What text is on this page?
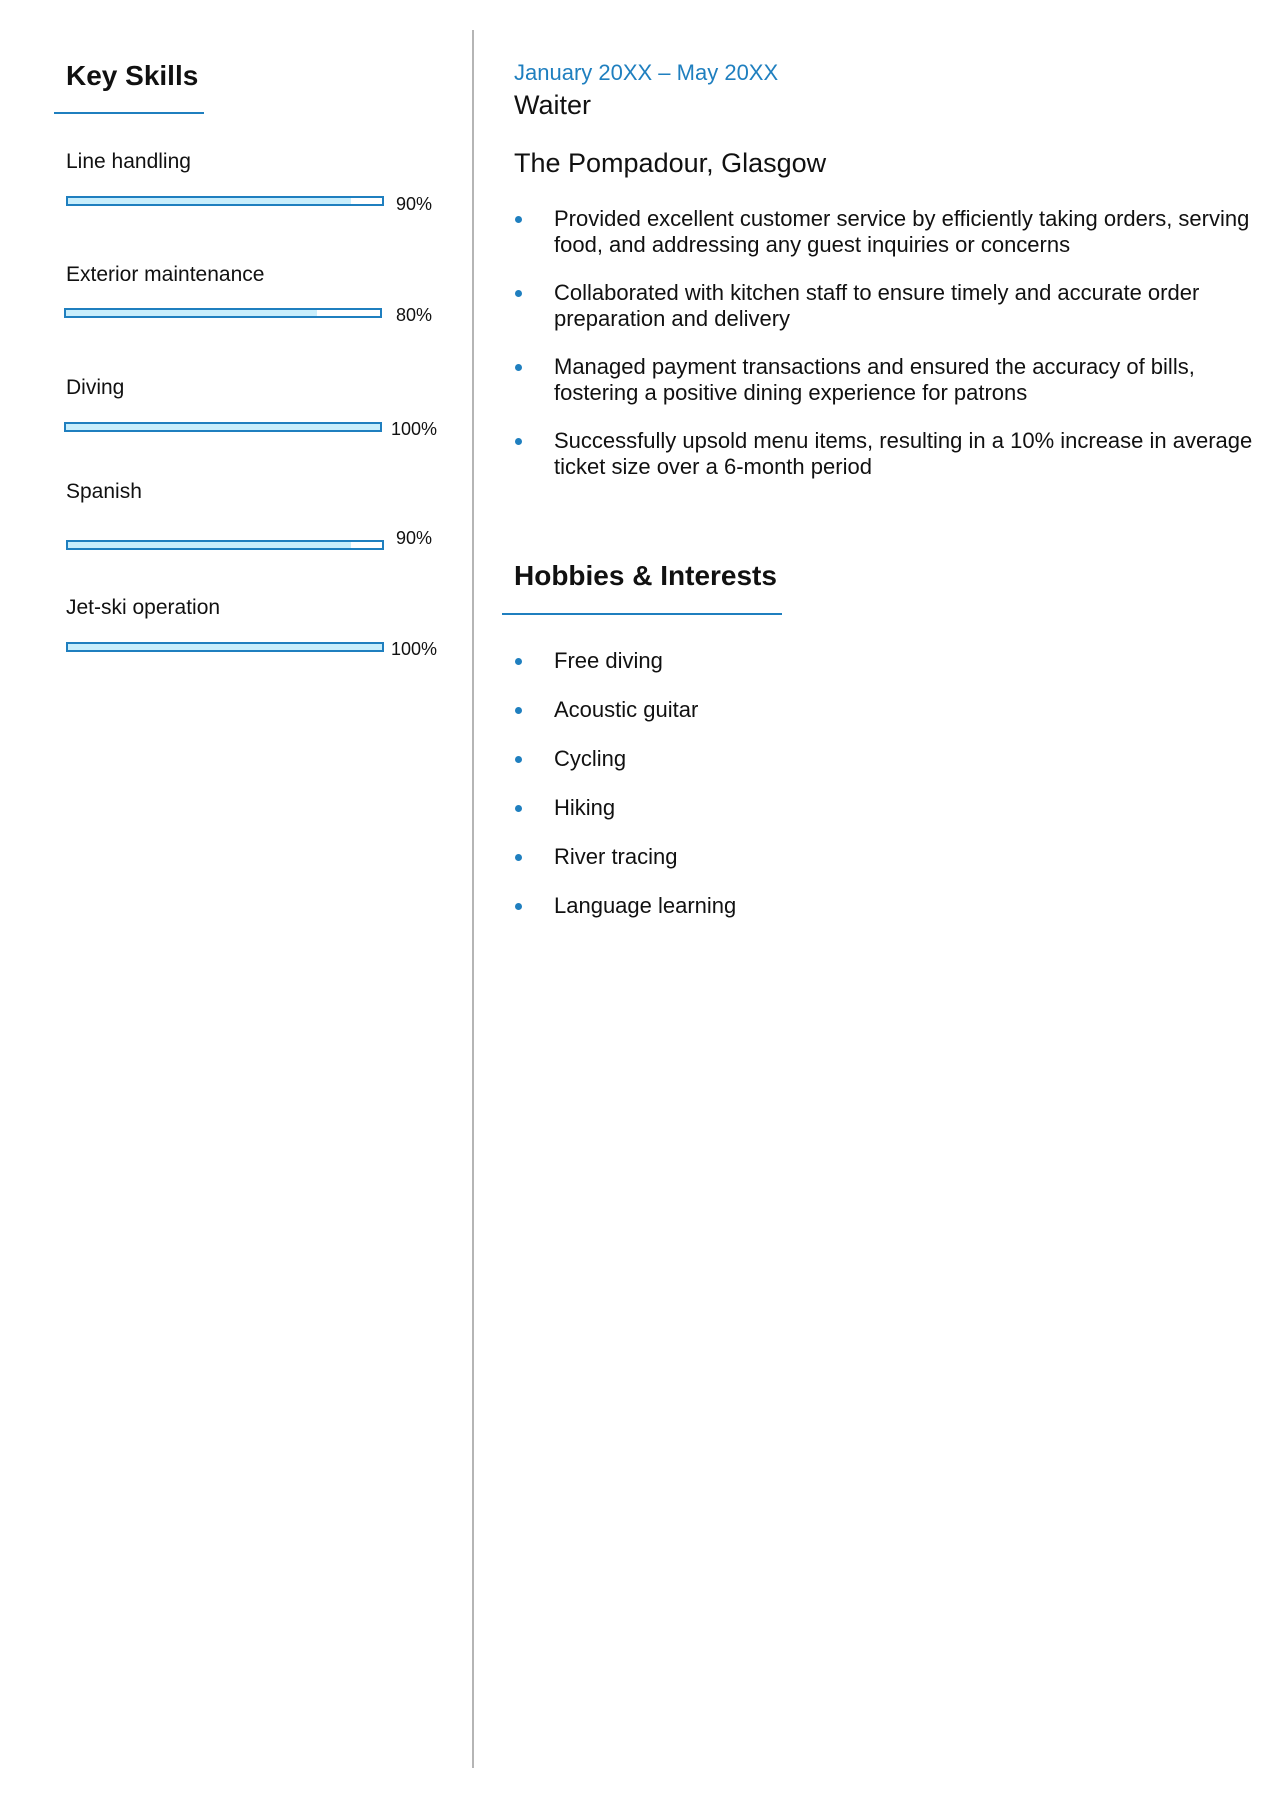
Key Skills
Line handling
90%
Exterior maintenance
80%
Diving
100%
Spanish
90%
Jet-ski operation
100%
January 20XX – May 20XX
Waiter
The Pompadour, Glasgow
Provided excellent customer service by efficiently taking orders, serving food, and addressing any guest inquiries or concerns
Collaborated with kitchen staff to ensure timely and accurate order preparation and delivery
Managed payment transactions and ensured the accuracy of bills, fostering a positive dining experience for patrons
Successfully upsold menu items, resulting in a 10% increase in average ticket size over a 6-month period
Hobbies & Interests
Free diving
Acoustic guitar
Cycling
Hiking
River tracing
Language learning
